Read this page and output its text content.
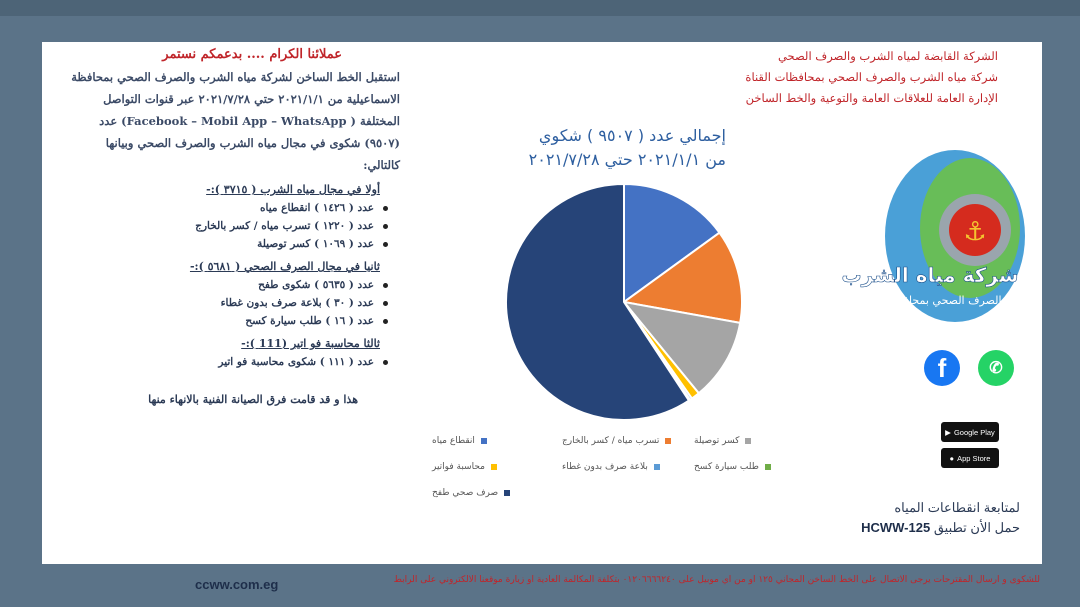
الشركة القابضة لمياه الشرب والصرف الصحي
شركة مياه الشرب والصرف الصحي بمحافظات القناة
الإدارة العامة للعلاقات العامة والتوعية والخط الساخن
عملائنا الكرام .... بدعمكم نستمر
استقبل الخط الساخن لشركة مياه الشرب والصرف الصحي بمحافظة الاسماعيلية من ٢٠٢١/١/١ حتي ٢٠٢١/٧/٢٨ عبر قنوات التواصل المختلفة ( Facebook – Mobil App – WhatsApp) عدد (٩٥٠٧) شكوى في مجال مياه الشرب والصرف الصحي وبيانها كالتالي:
أولا في مجال مياه الشرب ( ٣٧١٥ ):-
عدد ( ١٤٢٦ ) انقطاع مياه
عدد ( ١٢٢٠ ) تسرب مياه / كسر بالخارج
عدد ( ١٠٦٩ ) كسر توصيلة
ثانيا في مجال الصرف الصحي ( ٥٦٨١ ):-
عدد ( ٥٦٣٥ ) شكوى طفح
عدد ( ٣٠ ) بلاعة صرف بدون غطاء
عدد ( ١٦ ) طلب سيارة كسح
ثالثا محاسبة فو اتير (111 ):-
عدد ( ١١١ ) شكوى محاسبة فو اتير
هذا و قد قامت فرق الصيانة الفنية بالانهاء منها
إجمالي عدد ( ٩٥٠٧ ) شكوي
من ٢٠٢١/١/١ حتي ٢٠٢١/٧/٢٨
انقطاع مياه	تسرب مياه / كسر بالخارج	كسر توصيلة
محاسبة فواتير	بلاعة صرف بدون غطاء	طلب سيارة كسح
صرف صحي طفح
⚓
شركة مياه الشرب
والصرف الصحي بمحافظات القناة
f	✆
▶ Google Play
● App Store
لمتابعة انقطاعات المياه
حمل الأن تطبيق HCWW-125
للشكوى و ارسال المقترحات يرجى الاتصال على الخط الساخن المجاني ١٢٥ أو من أي موبيل على ٠١٢٠٦٦٦٦٢٤٠ بتكلفة المكالمة العادية أو زيارة موقعنا الالكتروني على الرابط
ccww.com.eg
